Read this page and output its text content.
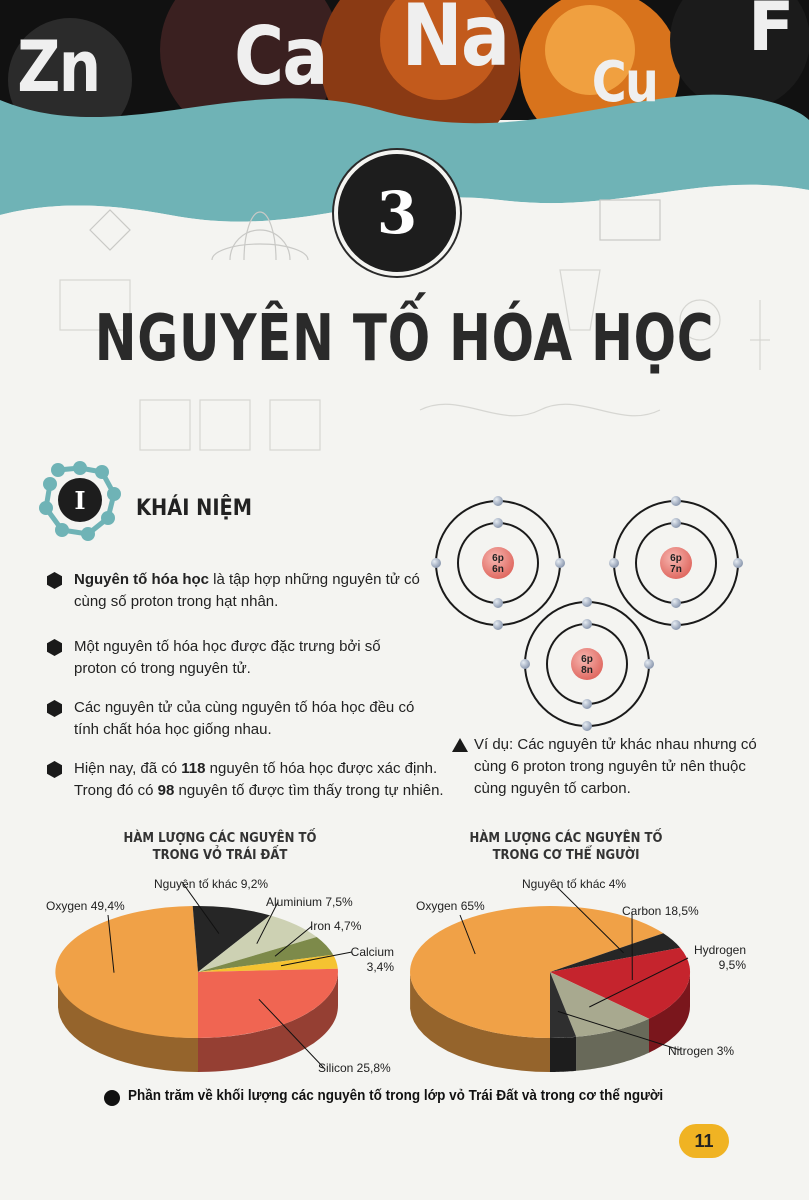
Zn Ca Na Cu
F
3
NGUYÊN TỐ HÓA HỌC
I KHÁI NIỆM
Nguyên tố hóa học là tập hợp những nguyên tử có cùng số proton trong hạt nhân.
Một nguyên tố hóa học được đặc trưng bởi số proton có trong nguyên tử.
Các nguyên tử của cùng nguyên tố hóa học đều có tính chất hóa học giống nhau.
Hiện nay, đã có 118 nguyên tố hóa học được xác định. Trong đó có 98 nguyên tố được tìm thấy trong tự nhiên.
6p
6n
6p
7n
6p
8n
Ví dụ: Các nguyên tử khác nhau nhưng có cùng 6 proton trong nguyên tử nên thuộc cùng nguyên tố carbon.
HÀM LƯỢNG CÁC NGUYÊN TỐ
TRONG VỎ TRÁI ĐẤT
Oxygen 49,4%
Nguyên tố khác 9,2%
Aluminium 7,5%
Iron 4,7%
Calcium 3,4%
Silicon 25,8%
HÀM LƯỢNG CÁC NGUYÊN TỐ
TRONG CƠ THỂ NGƯỜI
Oxygen 65%
Nguyên tố khác 4%
Carbon 18,5%
Hydrogen 9,5%
Nitrogen 3%
Phần trăm về khối lượng các nguyên tố trong lớp vỏ Trái Đất và trong cơ thể người
11
